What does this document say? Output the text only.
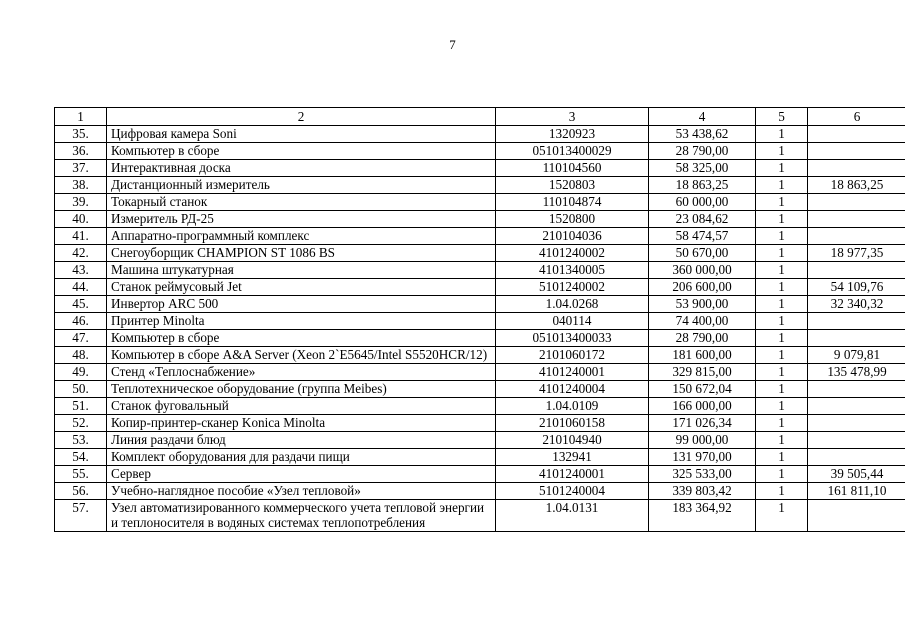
7
1	2	3	4	5	6
35.	Цифровая камера Soni	1320923	53 438,62	1	
36.	Компьютер в сборе	051013400029	28 790,00	1	
37.	Интерактивная доска	110104560	58 325,00	1	
38.	Дистанционный измеритель	1520803	18 863,25	1	18 863,25
39.	Токарный станок	110104874	60 000,00	1	
40.	Измеритель РД-25	1520800	23 084,62	1	
41.	Аппаратно-программный комплекс	210104036	58 474,57	1	
42.	Снегоуборщик CHAMPION ST 1086 BS	4101240002	50 670,00	1	18 977,35
43.	Машина штукатурная	4101340005	360 000,00	1	
44.	Станок реймусовый Jet	5101240002	206 600,00	1	54 109,76
45.	Инвертор ARC 500	1.04.0268	53 900,00	1	32 340,32
46.	Принтер Minolta	040114	74 400,00	1	
47.	Компьютер в сборе	051013400033	28 790,00	1	
48.	Компьютер в сборе A&A Server (Xeon 2`E5645/Intel S5520HCR/12)	2101060172	181 600,00	1	9 079,81
49.	Стенд «Теплоснабжение»	4101240001	329 815,00	1	135 478,99
50.	Теплотехническое оборудование (группа Meibes)	4101240004	150 672,04	1	
51.	Станок фуговальный	1.04.0109	166 000,00	1	
52.	Копир-принтер-сканер Konica Minolta	2101060158	171 026,34	1	
53.	Линия раздачи блюд	210104940	99 000,00	1	
54.	Комплект оборудования для раздачи пищи	132941	131 970,00	1	
55.	Сервер	4101240001	325 533,00	1	39 505,44
56.	Учебно-наглядное пособие «Узел тепловой»	5101240004	339 803,42	1	161 811,10
57.	Узел автоматизированного коммерческого учета тепловой энергии и теплоносителя в водяных системах теплопотребления	1.04.0131	183 364,92	1	
